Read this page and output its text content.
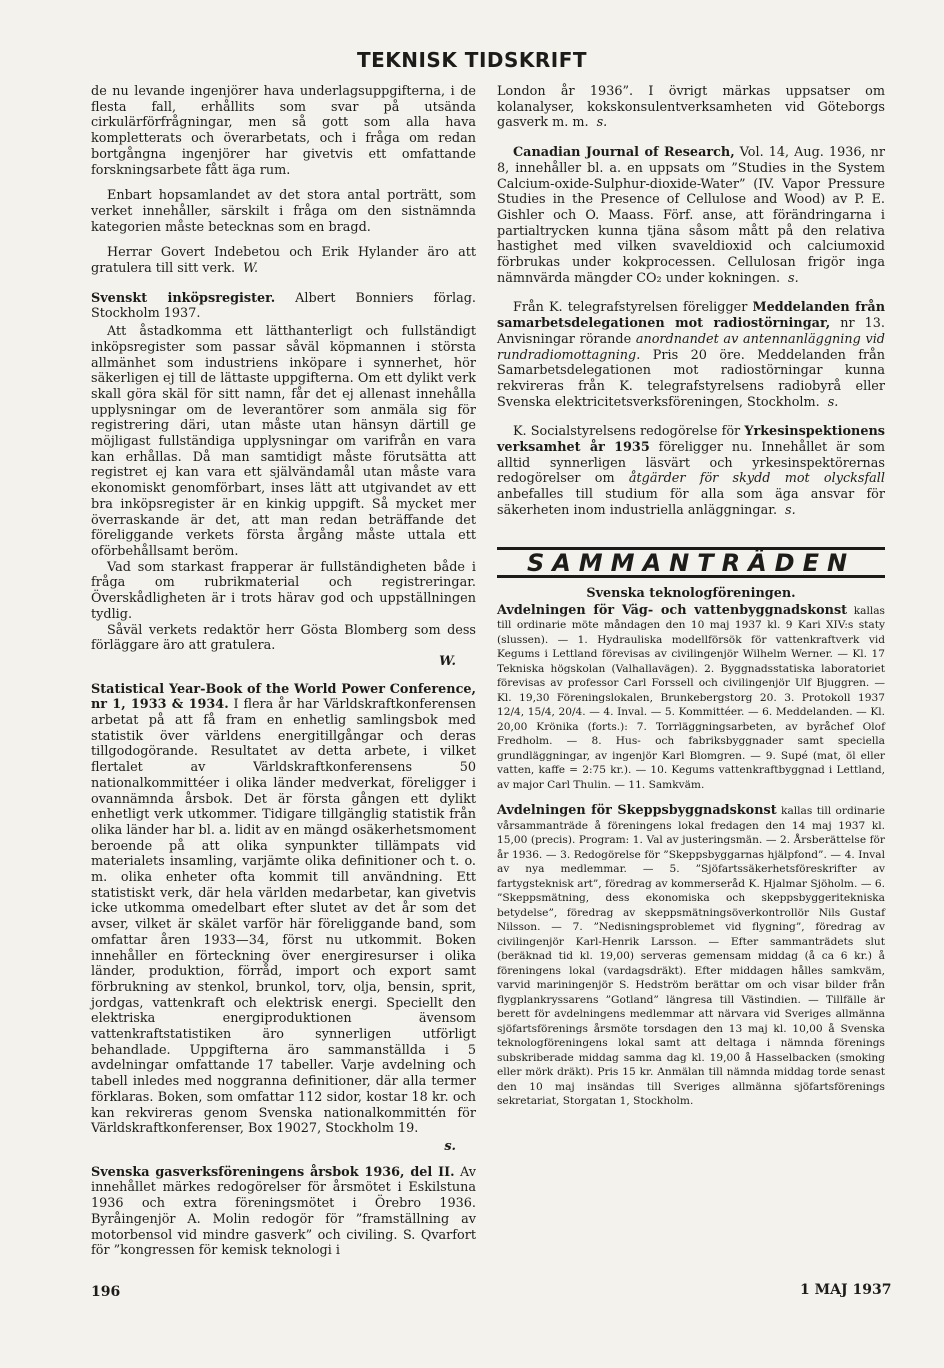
TEKNISK TIDSKRIFT

de nu levande ingenjörer hava underlagsuppgifterna, i de flesta fall, erhållits som svar på utsända cirkulärförfrågningar, men så gott som alla hava kompletterats och överarbetats, och i fråga om redan bortgångna ingenjörer har givetvis ett omfattande forskningsarbete fått äga rum.

Enbart hopsamlandet av det stora antal porträtt, som verket innehåller, särskilt i fråga om den sistnämnda kategorien måste betecknas som en bragd.

Herrar Govert Indebetou och Erik Hylander äro att gratulera till sitt verk. W.

Svenskt inköpsregister. Albert Bonniers förlag. Stockholm 1937.

Att åstadkomma ett lätthanterligt och fullständigt inköpsregister som passar såväl köpmannen i största allmänhet som industriens inköpare i synnerhet, hör säkerligen ej till de lättaste uppgifterna. Om ett dylikt verk skall göra skäl för sitt namn, får det ej allenast innehålla upplysningar om de leverantörer som anmäla sig för registrering däri, utan måste utan hänsyn därtill ge möjligast fullständiga upplysningar om varifrån en vara kan erhållas. Då man samtidigt måste förutsätta att registret ej kan vara ett självändamål utan måste vara ekonomiskt genomförbart, inses lätt att utgivandet av ett bra inköpsregister är en kinkig uppgift. Så mycket mer överraskande är det, att man redan beträffande det föreliggande verkets första årgång måste uttala ett oförbehållsamt beröm.

Vad som starkast frapperar är fullständigheten både i fråga om rubrikmaterial och registreringar. Överskådligheten är i trots härav god och uppställningen tydlig.

Såväl verkets redaktör herr Gösta Blomberg som dess förläggare äro att gratulera.

W.

Statistical Year-Book of the World Power Conference, nr 1, 1933 & 1934. I flera år har Världskraftkonferensen arbetat på att få fram en enhetlig samlingsbok med statistik över världens energitillgångar och deras tillgodogörande. Resultatet av detta arbete, i vilket flertalet av Världskraftkonferensens 50 nationalkommittéer i olika länder medverkat, föreligger i ovannämnda årsbok. Det är första gången ett dylikt enhetligt verk utkommer. Tidigare tillgänglig statistik från olika länder har bl. a. lidit av en mängd osäkerhetsmoment beroende på att olika synpunkter tillämpats vid materialets insamling, varjämte olika definitioner och t. o. m. olika enheter ofta kommit till användning. Ett statistiskt verk, där hela världen medarbetar, kan givetvis icke utkomma omedelbart efter slutet av det år som det avser, vilket är skälet varför här föreliggande band, som omfattar åren 1933—34, först nu utkommit. Boken innehåller en förteckning över energiresurser i olika länder, produktion, förråd, import och export samt förbrukning av stenkol, brunkol, torv, olja, bensin, sprit, jordgas, vattenkraft och elektrisk energi. Speciellt den elektriska energiproduktionen ävensom vattenkraftstatistiken äro synnerligen utförligt behandlade. Uppgifterna äro sammanställda i 5 avdelningar omfattande 17 tabeller. Varje avdelning och tabell inledes med noggranna definitioner, där alla termer förklaras. Boken, som omfattar 112 sidor, kostar 18 kr. och kan rekvireras genom Svenska nationalkommittén för Världskraftkonferenser, Box 19027, Stockholm 19.

s.

Svenska gasverksföreningens årsbok 1936, del II. Av innehållet märkes redogörelser för årsmötet i Eskilstuna 1936 och extra föreningsmötet i Örebro 1936. Byråingenjör A. Molin redogör för ”framställning av motorbensol vid mindre gasverk” och civiling. S. Qvarfort för ”kongressen för kemisk teknologi i

London år 1936”. I övrigt märkas uppsatser om kolanalyser, kokskonsulentverksamheten vid Göteborgs gasverk m. m. s.

Canadian Journal of Research, Vol. 14, Aug. 1936, nr 8, innehåller bl. a. en uppsats om ”Studies in the System Calcium-oxide-Sulphur-dioxide-Water” (IV. Vapor Pressure Studies in the Presence of Cellulose and Wood) av P. E. Gishler och O. Maass. Förf. anse, att förändringarna i partialtrycken kunna tjäna såsom mått på den relativa hastighet med vilken svaveldioxid och calciumoxid förbrukas under kokprocessen. Cellulosan frigör inga nämnvärda mängder CO₂ under kokningen. s.

Från K. telegrafstyrelsen föreligger Meddelanden från samarbetsdelegationen mot radiostörningar, nr 13. Anvisningar rörande anordnandet av antennanläggning vid rundradiomottagning. Pris 20 öre. Meddelanden från Samarbetsdelegationen mot radiostörningar kunna rekvireras från K. telegrafstyrelsens radiobyrå eller Svenska elektricitetsverksföreningen, Stockholm. s.

K. Socialstyrelsens redogörelse för Yrkesinspektionens verksamhet år 1935 föreligger nu. Innehållet är som alltid synnerligen läsvärt och yrkesinspektörernas redogörelser om åtgärder för skydd mot olycksfall anbefalles till studium för alla som äga ansvar för säkerheten inom industriella anläggningar. s.

SAMMANTRÄDEN
Svenska teknologföreningen.

Avdelningen för Väg- och vattenbyggnadskonst kallas till ordinarie möte måndagen den 10 maj 1937 kl. 9 Kari XIV:s staty (slussen). — 1. Hydrauliska modellförsök för vattenkraftverk vid Kegums i Lettland förevisas av civilingenjör Wilhelm Werner. — Kl. 17 Tekniska högskolan (Valhallavägen). 2. Byggnadsstatiska laboratoriet förevisas av professor Carl Forssell och civilingenjör Ulf Bjuggren. — Kl. 19,30 Föreningslokalen, Brunkebergstorg 20. 3. Protokoll 1937 12/4, 15/4, 20/4. — 4. Inval. — 5. Kommittéer. — 6. Meddelanden. — Kl. 20,00 Krönika (forts.): 7. Torrläggningsarbeten, av byråchef Olof Fredholm. — 8. Hus- och fabriksbyggnader samt speciella grundläggningar, av ingenjör Karl Blomgren. — 9. Supé (mat, öl eller vatten, kaffe = 2:75 kr.). — 10. Kegums vattenkraftbyggnad i Lettland, av major Carl Thulin. — 11. Samkväm.

Avdelningen för Skeppsbyggnadskonst kallas till ordinarie vårsammanträde å föreningens lokal fredagen den 14 maj 1937 kl. 15,00 (precis). Program: 1. Val av justeringsmän. — 2. Årsberättelse för år 1936. — 3. Redogörelse för ”Skeppsbyggarnas hjälpfond”. — 4. Inval av nya medlemmar. — 5. ”Sjöfartssäkerhetsföreskrifter av fartygsteknisk art”, föredrag av kommerseråd K. Hjalmar Sjöholm. — 6. ”Skeppsmätning, dess ekonomiska och skeppsbyggeritekniska betydelse”, föredrag av skeppsmätningsöverkontrollör Nils Gustaf Nilsson. — 7. ”Nedisningsproblemet vid flygning”, föredrag av civilingenjör Karl-Henrik Larsson. — Efter sammanträdets slut (beräknad tid kl. 19,00) serveras gemensam middag (å ca 6 kr.) å föreningens lokal (vardagsdräkt). Efter middagen hålles samkväm, varvid mariningenjör S. Hedström berättar om och visar bilder från flygplankryssarens ”Gotland” längresa till Västindien. — Tillfälle är berett för avdelningens medlemmar att närvara vid Sveriges allmänna sjöfartsförenings årsmöte torsdagen den 13 maj kl. 10,00 å Svenska teknologföreningens lokal samt att deltaga i nämnda förenings subskriberade middag samma dag kl. 19,00 å Hasselbacken (smoking eller mörk dräkt). Pris 15 kr. Anmälan till nämnda middag torde senast den 10 maj insändas till Sveriges allmänna sjöfartsförenings sekretariat, Storgatan 1, Stockholm.

196	1 MAJ 1937
